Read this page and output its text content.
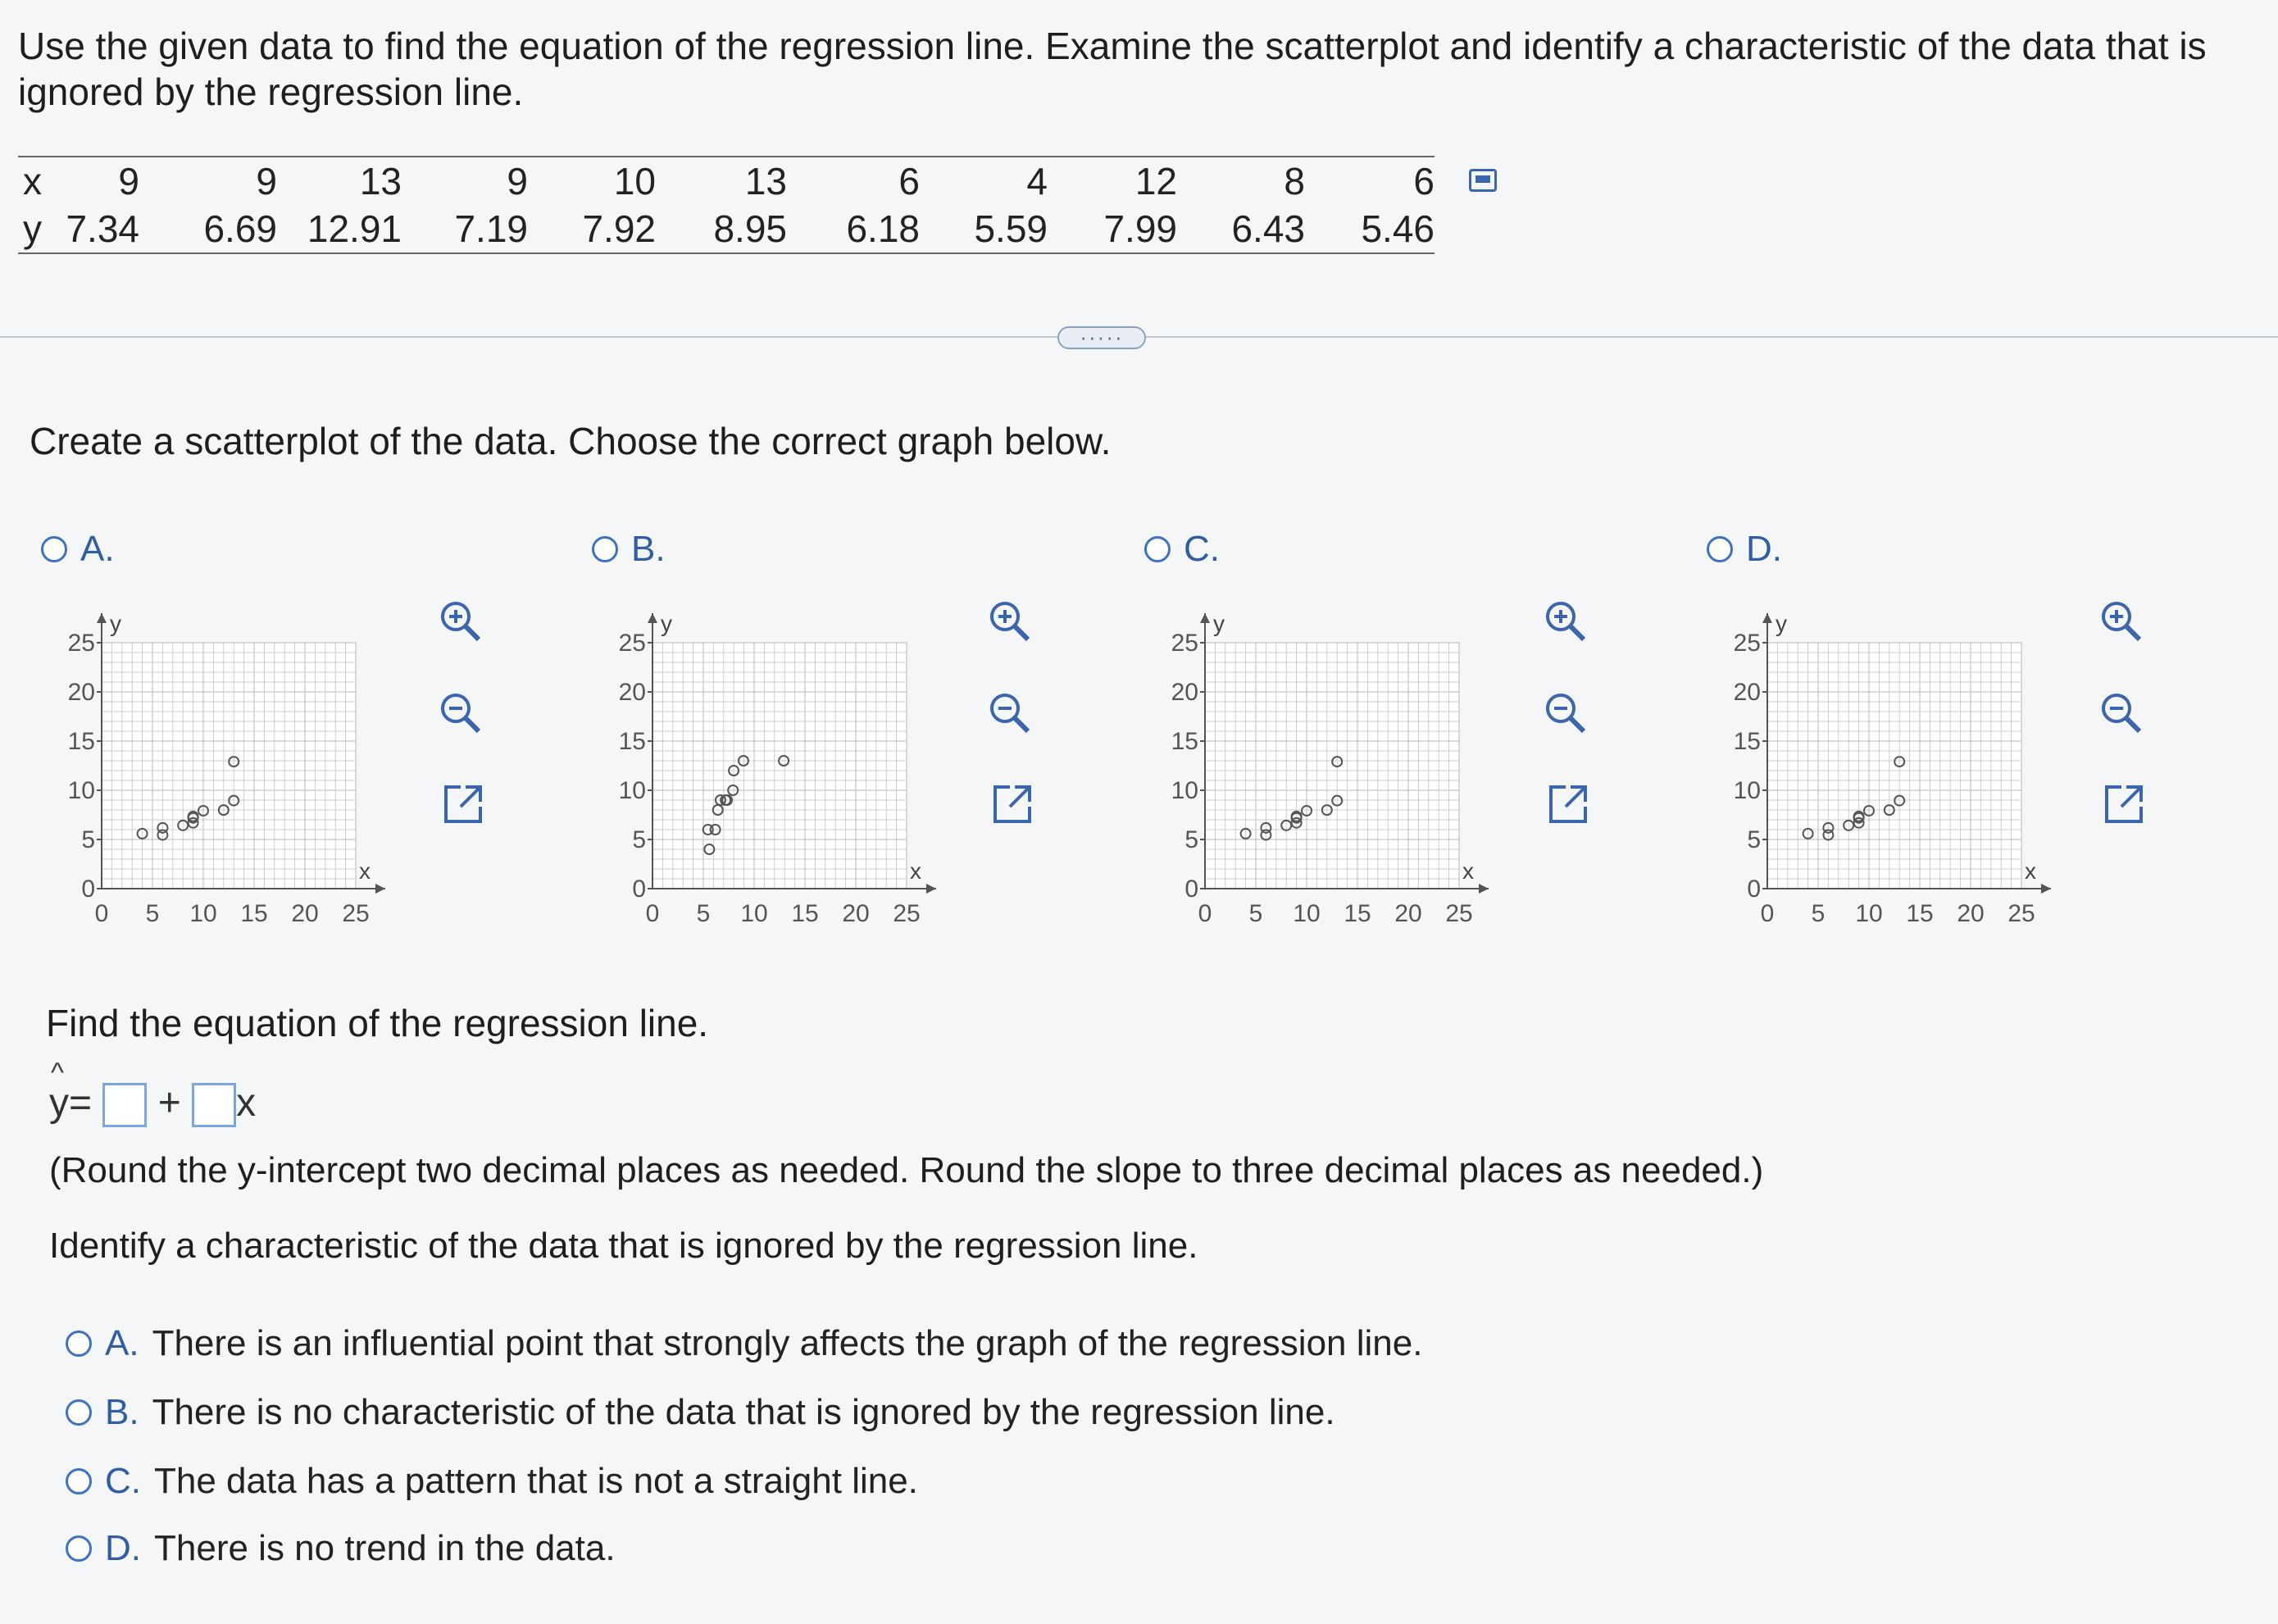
Use the given data to find the equation of the regression line. Examine the scatterplot and identify a characteristic of the data that is ignored by the regression line.
x	9	9	13	9	10	13	6	4	12	8	6
y	7.34	6.69	12.91	7.19	7.92	8.95	6.18	5.59	7.99	6.43	5.46
·····
Create a scatterplot of the data. Choose the correct graph below.
A.
y
x
25
20
15
10
5
0
0 5 10 15 20 25
B.
y
x
25
20
15
10
5
0
0 5 10 15 20 25
C.
y
x
25
20
15
10
5
0
0 5 10 15 20 25
D.
y
x
25
20
15
10
5
0
0 5 10 15 20 25
Find the equation of the regression line.
^ y= + x
(Round the y-intercept two decimal places as needed. Round the slope to three decimal places as needed.)
Identify a characteristic of the data that is ignored by the regression line.
A. There is an influential point that strongly affects the graph of the regression line.
B. There is no characteristic of the data that is ignored by the regression line.
C. The data has a pattern that is not a straight line.
D. There is no trend in the data.
